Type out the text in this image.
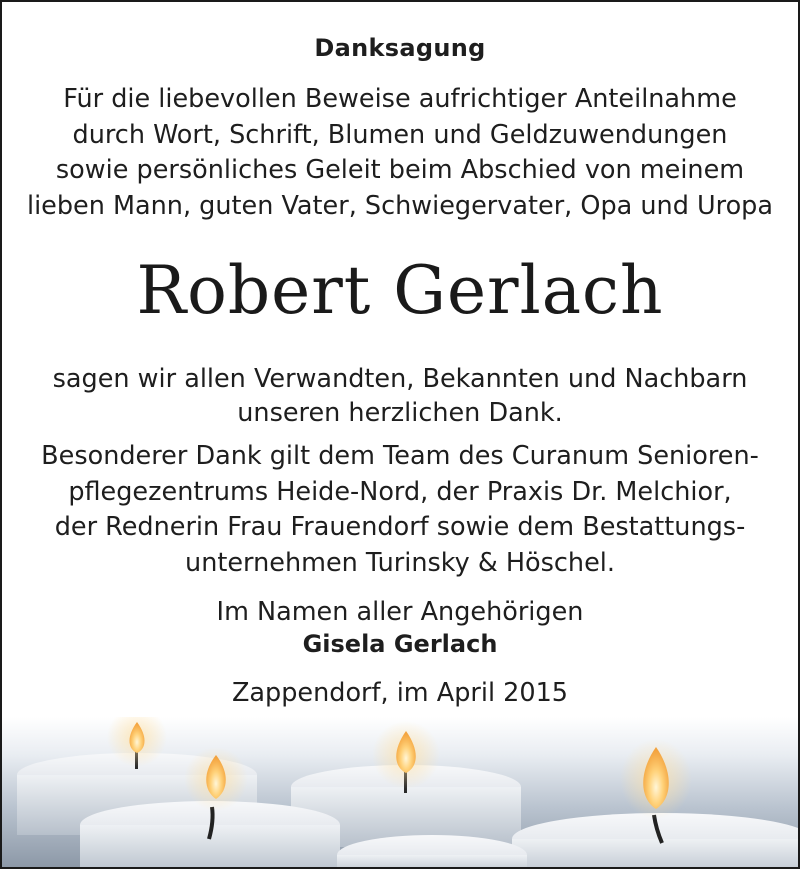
Danksagung
Für die liebevollen Beweise aufrichtiger Anteilnahme
durch Wort, Schrift, Blumen und Geldzuwendungen
sowie persönliches Geleit beim Abschied von meinem
lieben Mann, guten Vater, Schwiegervater, Opa und Uropa
Robert Gerlach
sagen wir allen Verwandten, Bekannten und Nachbarn
unseren herzlichen Dank.
Besonderer Dank gilt dem Team des Curanum Senioren-
pflegezentrums Heide-Nord, der Praxis Dr. Melchior,
der Rednerin Frau Frauendorf sowie dem Bestattungs-
unternehmen Turinsky & Höschel.
Im Namen aller Angehörigen
Gisela Gerlach
Zappendorf, im April 2015
